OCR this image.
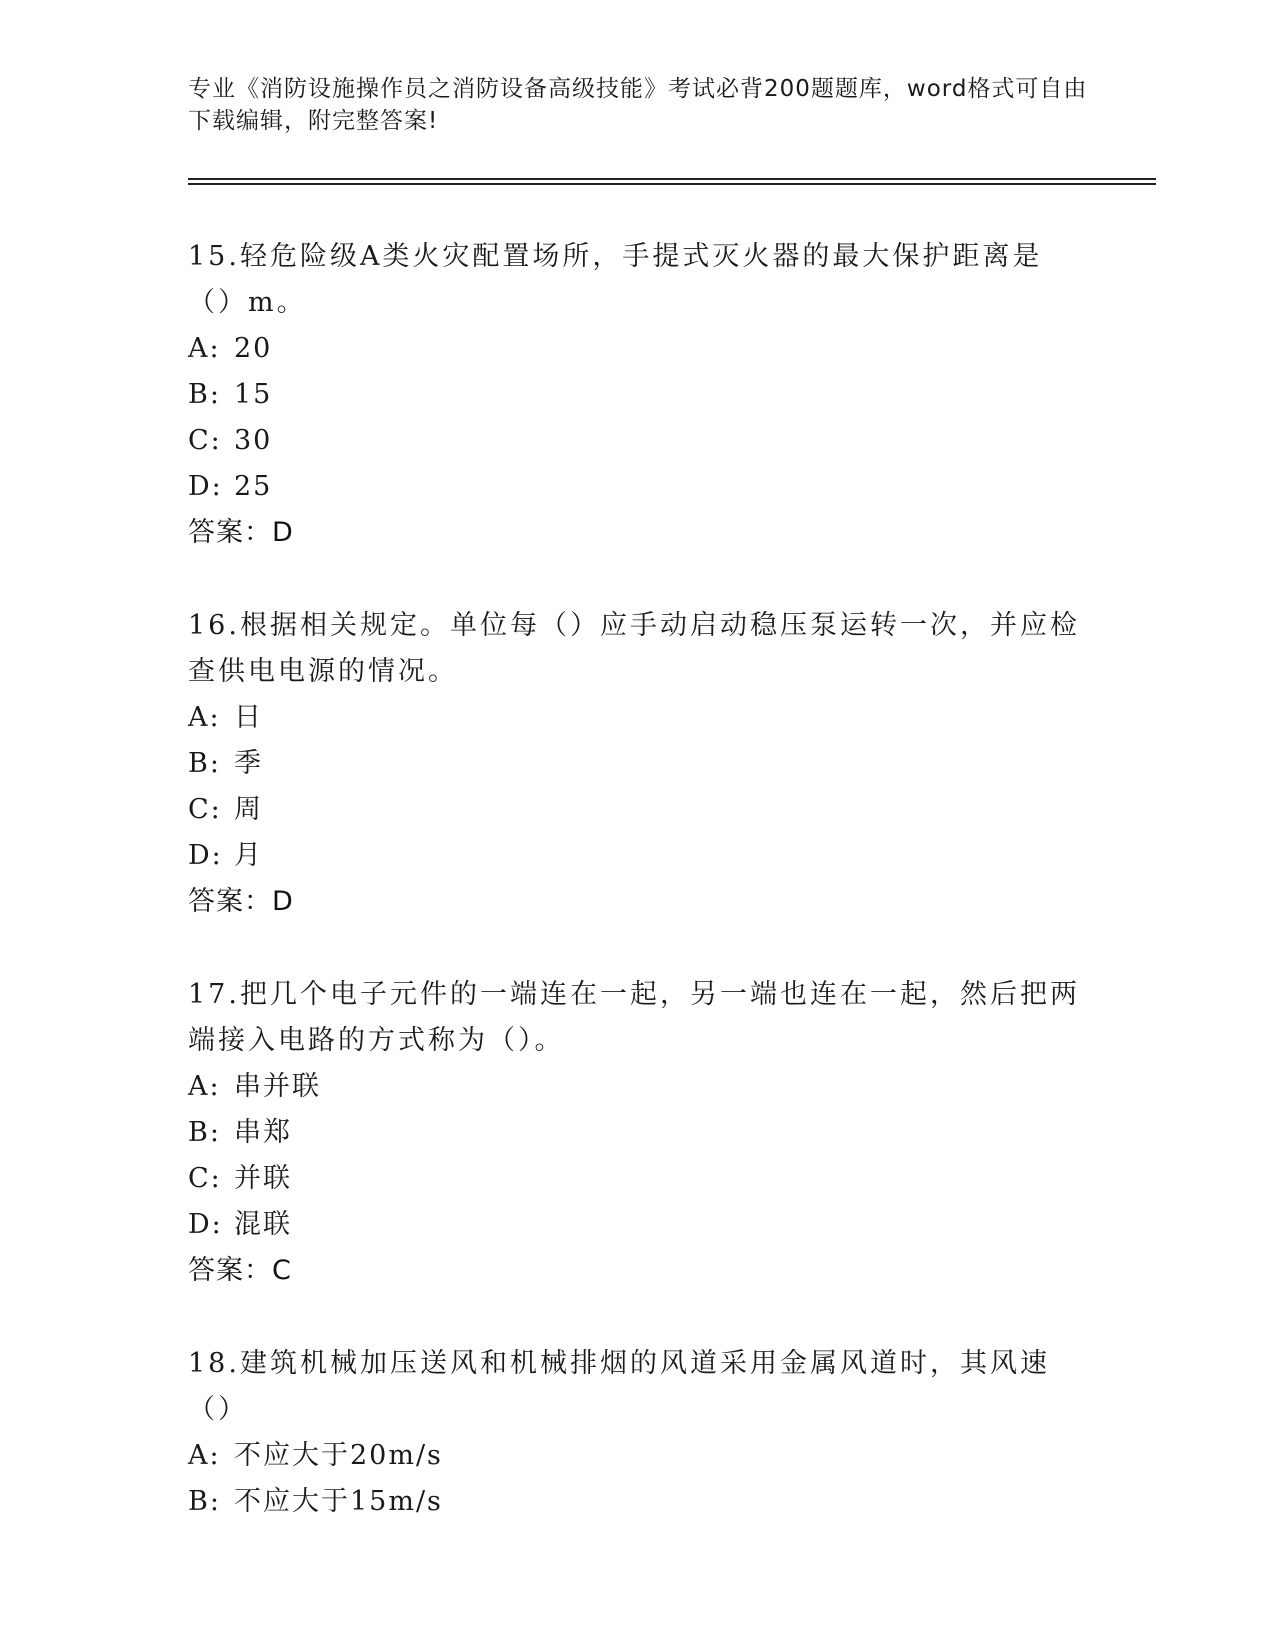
专业《消防设施操作员之消防设备高级技能》考试必背200题题库，word格式可自由下载编辑，附完整答案!
15.轻危险级A类火灾配置场所，手提式灭火器的最大保护距离是（）m。
A: 20
B: 15
C: 30
D: 25
答案：D
16.根据相关规定。单位每（）应手动启动稳压泵运转一次，并应检查供电电源的情况。
A: 日
B: 季
C: 周
D: 月
答案：D
17.把几个电子元件的一端连在一起，另一端也连在一起，然后把两端接入电路的方式称为（）。
A: 串并联
B: 串郑
C: 并联
D: 混联
答案：C
18.建筑机械加压送风和机械排烟的风道采用金属风道时，其风速（）
A: 不应大于20m/s
B: 不应大于15m/s
